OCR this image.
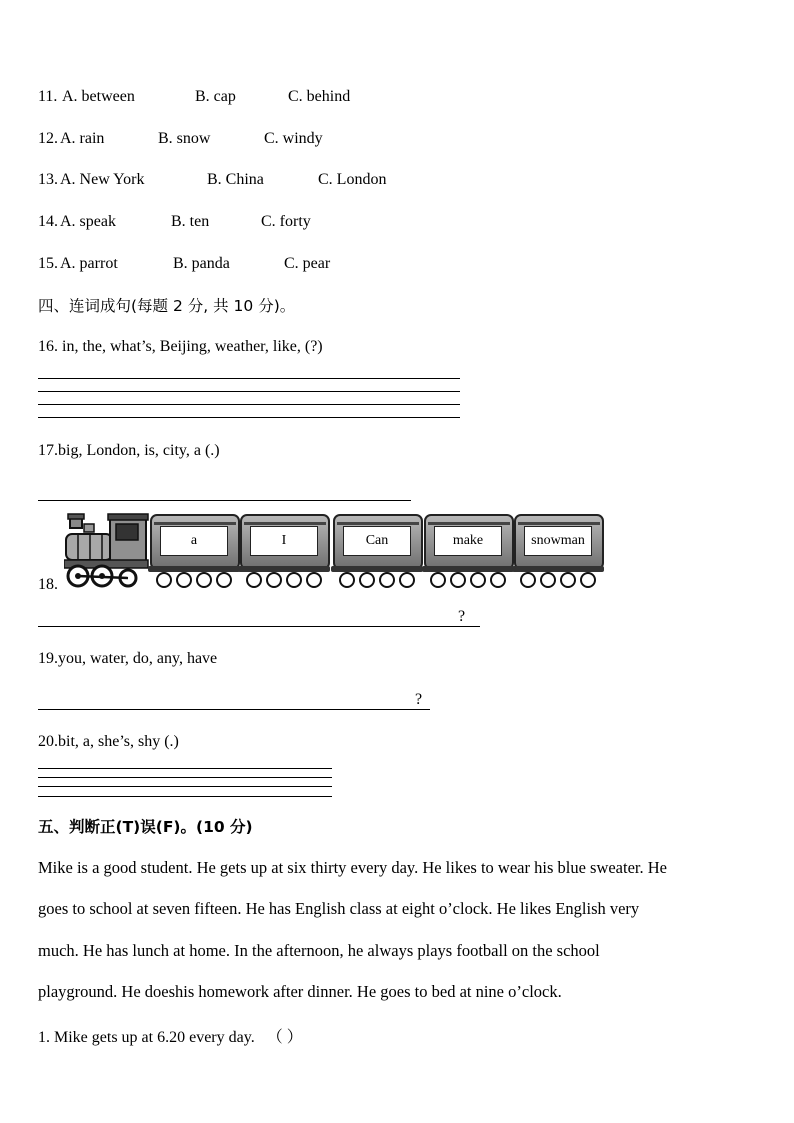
11. A. between	B. cap	C. behind
12. A. rain	B. snow	C. windy
13. A. New York	B. China	C. London
14. A. speak	B. ten	C. forty
15. A. parrot	B. panda	C. pear
四、连词成句(每题 2 分, 共 10 分)。
16. in, the, what’s, Beijing, weather, like, (?)
17.big, London, is, city, a (.)
18.
a	I	Can	make	snowman
?
19.you, water, do, any, have
?
20.bit, a, she’s, shy (.)
五、判断正(T)误(F)。(10 分)
Mike is a good student. He gets up at six thirty every day. He likes to wear his blue sweater. He
goes to school at seven fifteen. He has English class at eight o’clock. He likes English very
much. He has lunch at home. In the afternoon, he always plays football on the school
playground. He doeshis homework after dinner. He goes to bed at nine o’clock.
1. Mike gets up at 6.20 every day. （ ）
